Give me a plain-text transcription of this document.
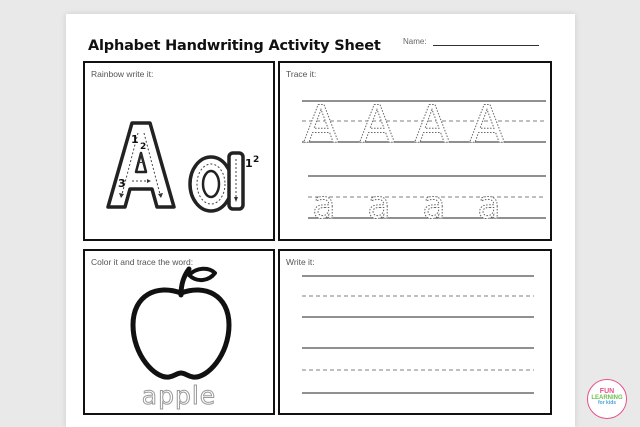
Alphabet Handwriting Activity Sheet	Name:
Rainbow write it:
Δ
1
2
3
1 2
Trace it:
A A A A
a a a a
Color it and trace the word:
apple
Write it:
FUN
LEARNING
for kids
